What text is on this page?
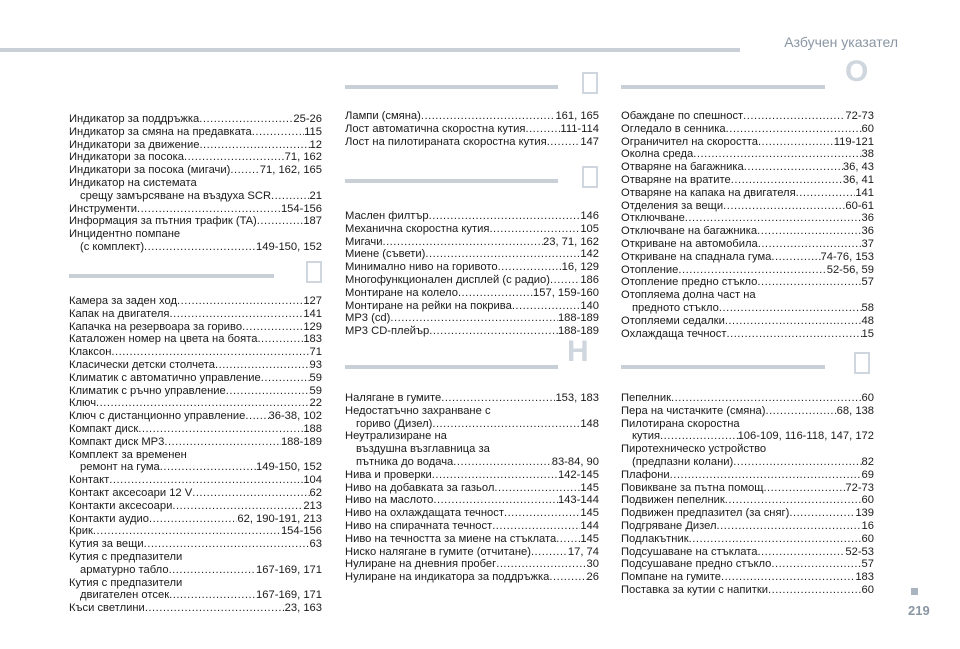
Азбучен указател
Индикатор за поддръжка .....	25-26
Индикатор за смяна на предавката .....	115
Индикатори за движение .....	12
Индикатори за посока .....	71, 162
Индикатори за посока (мигачи) .....	71, 162, 165
Индикатор на системата
срещу замърсяване на въздуха SCR .....	21
Инструменти .....	154-156
Информация за пътния трафик (TA) .....	187
Инцидентно помпане
(с комплект) .....	149-150, 152
Камера за заден ход .....	127
Капак на двигателя .....	141
Капачка на резервоара за гориво .....	129
Каталожен номер на цвета на боята .....	183
Клаксон .....	71
Класически детски столчета .....	93
Климатик с автоматично управление .....	59
Климатик с ръчно управление .....	59
Ключ .....	22
Ключ с дистанционно управление ..... 36-38, 102
Компакт диск .....	188
Компакт диск MP3 .....	188-189
Комплект за временен
ремонт на гума .....	149-150, 152
Контакт .....	104
Контакт аксесоари 12 V .....	62
Контакти аксесоари .....	213
Контакти аудио .....	62, 190-191, 213
Крик .....	154-156
Кутия за вещи .....	63
Кутия с предпазители
арматурно табло .....	167-169, 171
Кутия с предпазители
двигателен отсек .....	167-169, 171
Къси светлини .....	23, 163
Лампи (смяна) .....	161, 165
Лост автоматична скоростна кутия .....	111-114
Лост на пилотираната скоростна кутия .....	147
Маслен филтър .....	146
Механична скоростна кутия .....	105
Мигачи .....	23, 71, 162
Миене (съвети) .....	142
Минимално ниво на горивото .....	16, 129
Многофункционален дисплей (с радио) .....	186
Монтиране на колело .....	157, 159-160
Монтиране на рейки на покрива .....	140
MP3 (cd) .....	188-189
MP3 CD-плейър .....	188-189
Н
Налягане в гумите .....	153, 183
Недостатъчно захранване с
гориво (Дизел) .....	148
Неутрализиране на
въздушна възглавница за
пътника до водача .....	83-84, 90
Нива и проверки .....	142-145
Ниво на добавката за газьол .....	145
Ниво на маслото .....	143-144
Ниво на охлаждащата течност .....	145
Ниво на спирачната течност .....	144
Ниво на течността за миене на стъклата ..... 145
Ниско налягане в гумите (отчитане) .....	17, 74
Нулиране на дневния пробег .....	30
Нулиране на индикатора за поддръжка .....	26
О
Обаждане по спешност .....	72-73
Огледало в сенника .....	60
Ограничител на скоростта .....	119-121
Околна среда .....	38
Отваряне на багажника .....	36, 43
Отваряне на вратите .....	36, 41
Отваряне на капака на двигателя .....	141
Отделения за вещи .....	60-61
Отключване .....	36
Отключване на багажника .....	36
Откриване на автомобила .....	37
Откриване на спаднала гума .....	74-76, 153
Отопление .....	52-56, 59
Отопление предно стъкло .....	57
Отопляема долна част на
предното стъкло .....	58
Отопляеми седалки .....	48
Охлаждаща течност .....	15
Пепелник .....	60
Пера на чистачките (смяна) .....	68, 138
Пилотирана скоростна
кутия .....	106-109, 116-118, 147, 172
Пиротехническо устройство
(предпазни колани) .....	82
Плафони .....	69
Повикване за пътна помощ .....	72-73
Подвижен пепелник .....	60
Подвижен предпазител (за сняг) .....	139
Подгряване Дизел .....	16
Подлакътник .....	60
Подсушаване на стъклата .....	52-53
Подсушаване предно стъкло .....	57
Помпане на гумите .....	183
Поставка за кутии с напитки .....	60
219
